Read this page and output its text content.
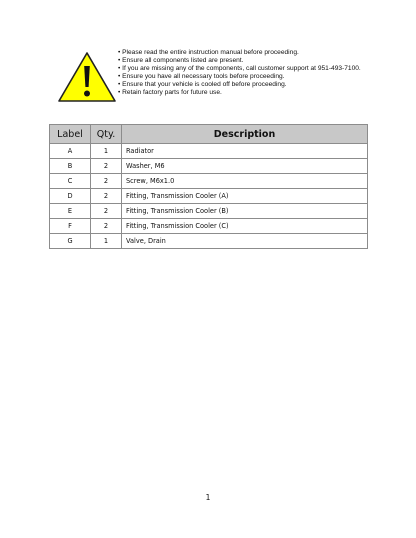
• Please read the entire instruction manual before proceeding.
• Ensure all components listed are present.
• If you are missing any of the components, call customer support at 951-493-7100.
• Ensure you have all necessary tools before proceeding.
• Ensure that your vehicle is cooled off before proceeding.
• Retain factory parts for future use.
Label	Qty.	Description
A	1	Radiator
B	2	Washer, M6
C	2	Screw, M6x1.0
D	2	Fitting, Transmission Cooler (A)
E	2	Fitting, Transmission Cooler (B)
F	2	Fitting, Transmission Cooler (C)
G	1	Valve, Drain
1
